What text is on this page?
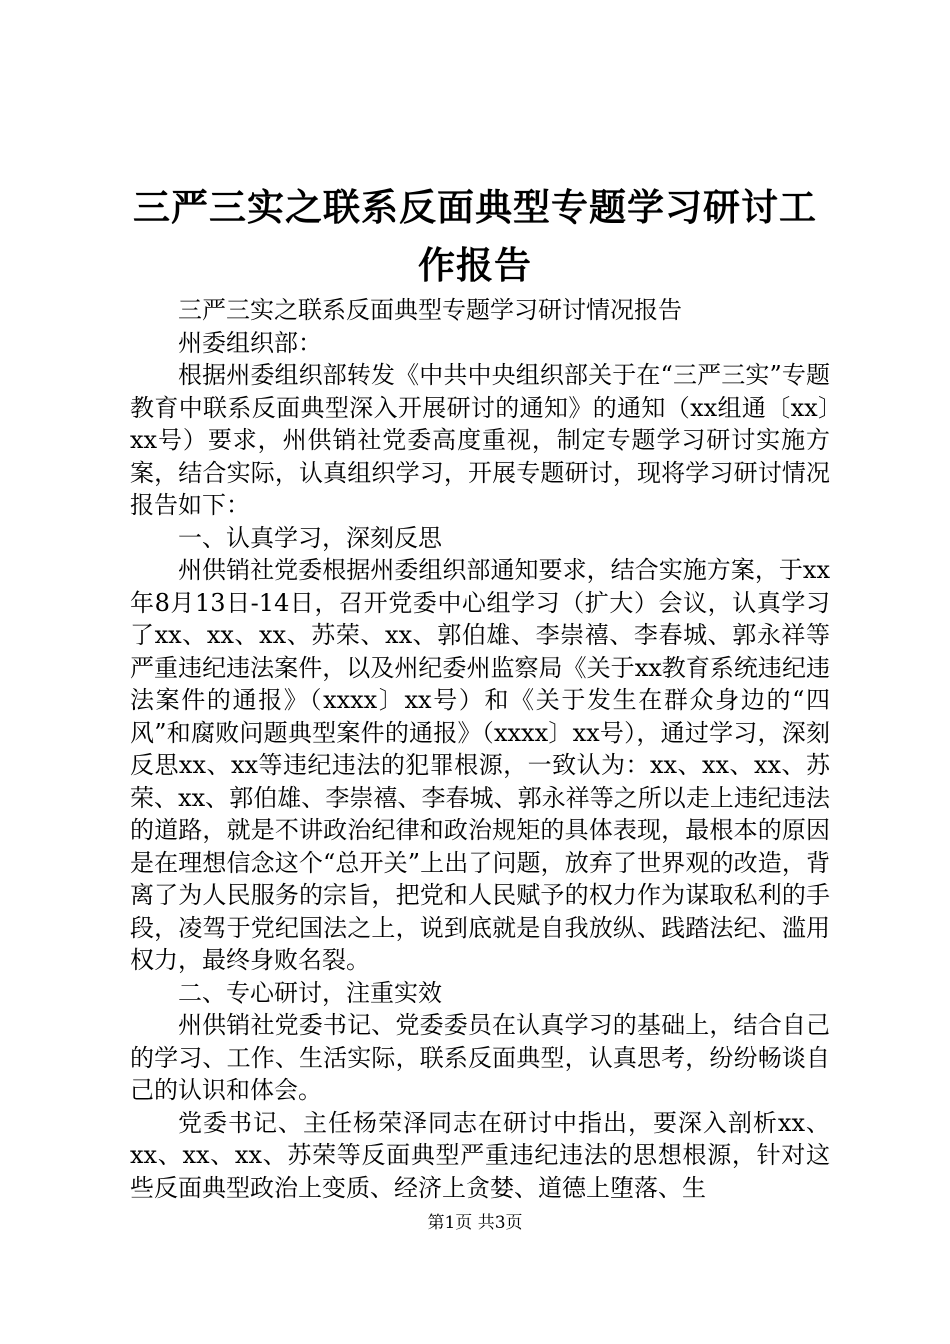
三严三实之联系反面典型专题学习研讨工作报告

三严三实之联系反面典型专题学习研讨情况报告

州委组织部：

根据州委组织部转发《中共中央组织部关于在“三严三实”专题教育中联系反面典型深入开展研讨的通知》的通知（xx组通〔xx〕xx号）要求，州供销社党委高度重视，制定专题学习研讨实施方案，结合实际，认真组织学习，开展专题研讨，现将学习研讨情况报告如下：

一、认真学习，深刻反思

州供销社党委根据州委组织部通知要求，结合实施方案，于xx年8月13日-14日，召开党委中心组学习（扩大）会议，认真学习了xx、xx、xx、苏荣、xx、郭伯雄、李崇禧、李春城、郭永祥等严重违纪违法案件，以及州纪委州监察局《关于xx教育系统违纪违法案件的通报》（xxxx〕xx号）和《关于发生在群众身边的“四风”和腐败问题典型案件的通报》（xxxx〕xx号），通过学习，深刻反思xx、xx等违纪违法的犯罪根源，一致认为：xx、xx、xx、苏荣、xx、郭伯雄、李崇禧、李春城、郭永祥等之所以走上违纪违法的道路，就是不讲政治纪律和政治规矩的具体表现，最根本的原因是在理想信念这个“总开关”上出了问题，放弃了世界观的改造，背离了为人民服务的宗旨，把党和人民赋予的权力作为谋取私利的手段，凌驾于党纪国法之上，说到底就是自我放纵、践踏法纪、滥用权力，最终身败名裂。

二、专心研讨，注重实效

州供销社党委书记、党委委员在认真学习的基础上，结合自己的学习、工作、生活实际，联系反面典型，认真思考，纷纷畅谈自己的认识和体会。

党委书记、主任杨荣泽同志在研讨中指出，要深入剖析xx、xx、xx、xx、苏荣等反面典型严重违纪违法的思想根源，针对这些反面典型政治上变质、经济上贪婪、道德上堕落、生

第1页 共3页
